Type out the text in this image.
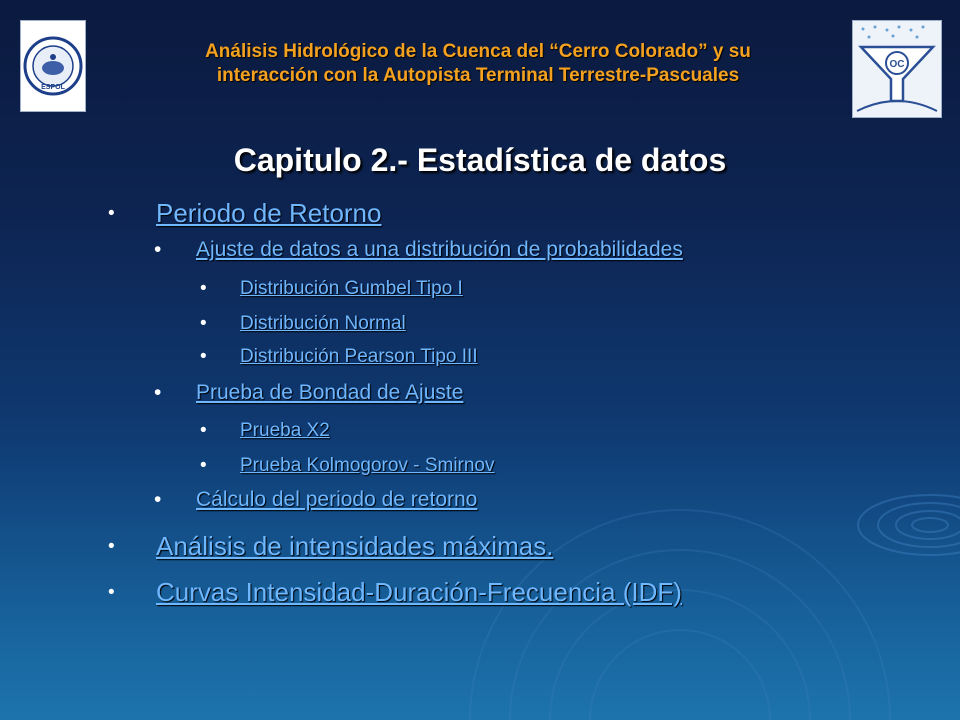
ESPOL
OC
Análisis Hidrológico de la Cuenca del “Cerro Colorado” y su
interacción con la Autopista Terminal Terrestre-Pascuales
Capitulo 2.- Estadística de datos
• Periodo de Retorno
• Ajuste de datos a una distribución de probabilidades
• Distribución Gumbel Tipo I
• Distribución Normal
• Distribución Pearson Tipo III
• Prueba de Bondad de Ajuste
• Prueba X2
• Prueba Kolmogorov - Smirnov
• Cálculo del periodo de retorno
• Análisis de intensidades máximas.
• Curvas Intensidad-Duración-Frecuencia (IDF)
